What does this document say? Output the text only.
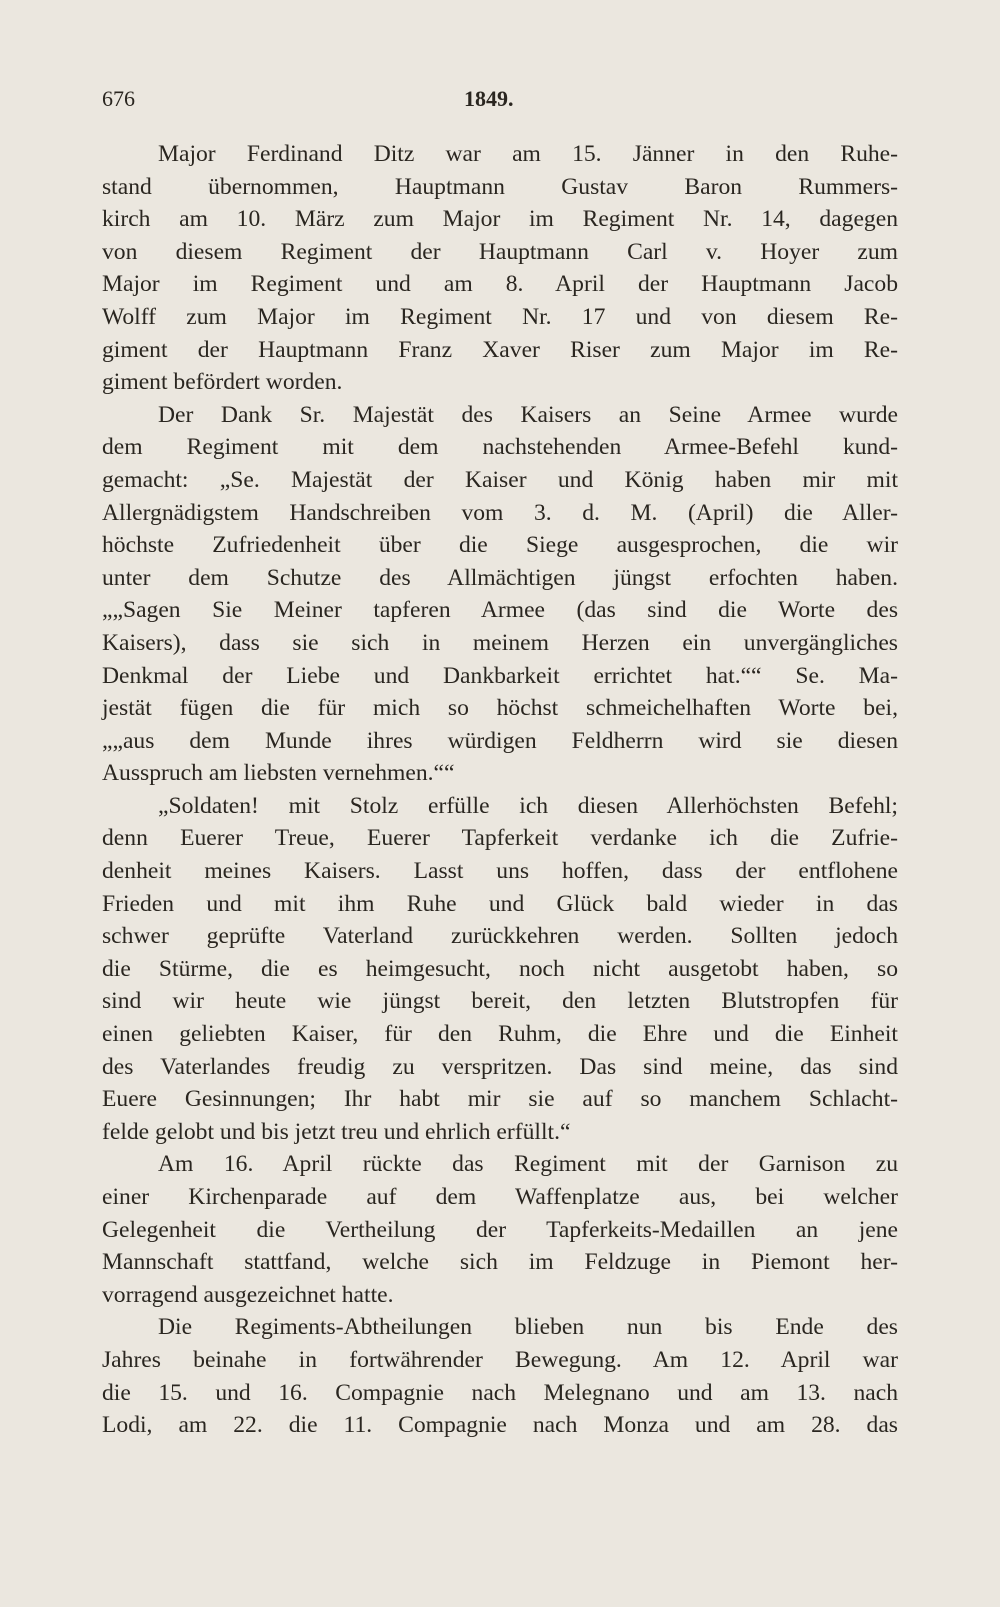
676	1849.
Major Ferdinand Ditz war am 15. Jänner in den Ruhe-
stand übernommen, Hauptmann Gustav Baron Rummers-
kirch am 10. März zum Major im Regiment Nr. 14, dagegen
von diesem Regiment der Hauptmann Carl v. Hoyer zum
Major im Regiment und am 8. April der Hauptmann Jacob
Wolff zum Major im Regiment Nr. 17 und von diesem Re-
giment der Hauptmann Franz Xaver Riser zum Major im Re-
giment befördert worden.
Der Dank Sr. Majestät des Kaisers an Seine Armee wurde
dem Regiment mit dem nachstehenden Armee-Befehl kund-
gemacht: „Se. Majestät der Kaiser und König haben mir mit
Allergnädigstem Handschreiben vom 3. d. M. (April) die Aller-
höchste Zufriedenheit über die Siege ausgesprochen, die wir
unter dem Schutze des Allmächtigen jüngst erfochten haben.
„„Sagen Sie Meiner tapferen Armee (das sind die Worte des
Kaisers), dass sie sich in meinem Herzen ein unvergängliches
Denkmal der Liebe und Dankbarkeit errichtet hat.““ Se. Ma-
jestät fügen die für mich so höchst schmeichelhaften Worte bei,
„„aus dem Munde ihres würdigen Feldherrn wird sie diesen
Ausspruch am liebsten vernehmen.““
„Soldaten! mit Stolz erfülle ich diesen Allerhöchsten Befehl;
denn Euerer Treue, Euerer Tapferkeit verdanke ich die Zufrie-
denheit meines Kaisers. Lasst uns hoffen, dass der entflohene
Frieden und mit ihm Ruhe und Glück bald wieder in das
schwer geprüfte Vaterland zurückkehren werden. Sollten jedoch
die Stürme, die es heimgesucht, noch nicht ausgetobt haben, so
sind wir heute wie jüngst bereit, den letzten Blutstropfen für
einen geliebten Kaiser, für den Ruhm, die Ehre und die Einheit
des Vaterlandes freudig zu verspritzen. Das sind meine, das sind
Euere Gesinnungen; Ihr habt mir sie auf so manchem Schlacht-
felde gelobt und bis jetzt treu und ehrlich erfüllt.“
Am 16. April rückte das Regiment mit der Garnison zu
einer Kirchenparade auf dem Waffenplatze aus, bei welcher
Gelegenheit die Vertheilung der Tapferkeits-Medaillen an jene
Mannschaft stattfand, welche sich im Feldzuge in Piemont her-
vorragend ausgezeichnet hatte.
Die Regiments-Abtheilungen blieben nun bis Ende des
Jahres beinahe in fortwährender Bewegung. Am 12. April war
die 15. und 16. Compagnie nach Melegnano und am 13. nach
Lodi, am 22. die 11. Compagnie nach Monza und am 28. das
